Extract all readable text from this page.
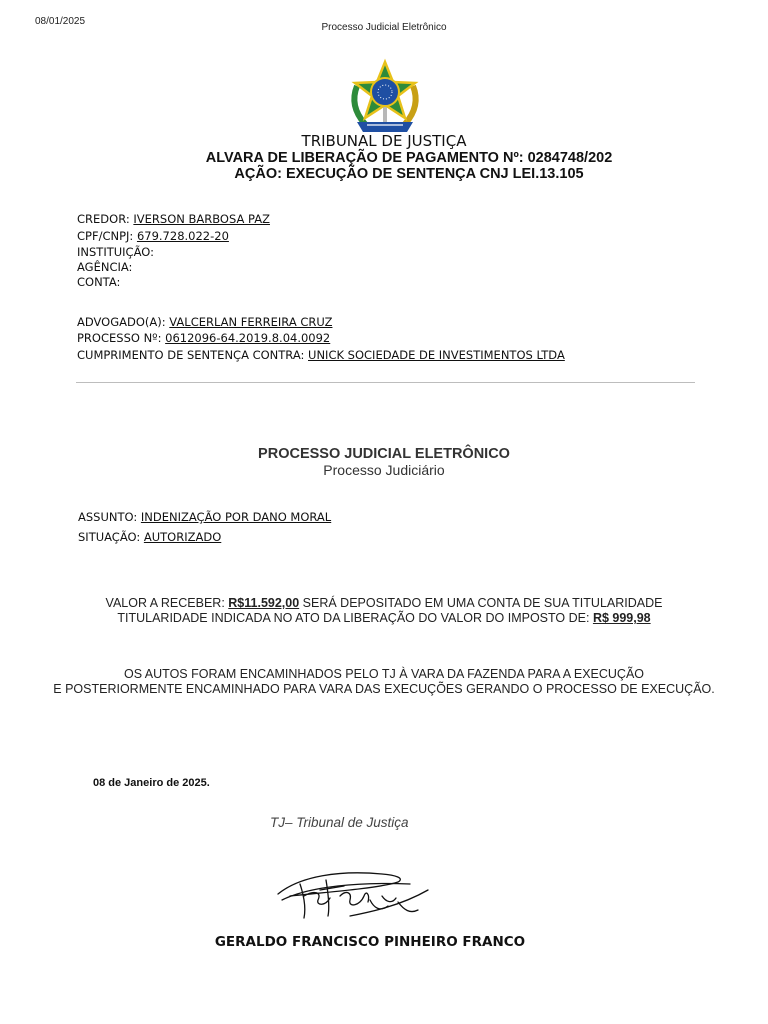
08/01/2025
Processo Judicial Eletrônico
TRIBUNAL DE JUSTIÇA
ALVARA DE LIBERAÇÃO DE PAGAMENTO Nº: 0284748/202
AÇÃO: EXECUÇÃO DE SENTENÇA CNJ LEI.13.105
CREDOR: IVERSON BARBOSA PAZ
CPF/CNPJ: 679.728.022-20
INSTITUIÇÃO:
AGÊNCIA:
CONTA:
ADVOGADO(A): VALCERLAN FERREIRA CRUZ
PROCESSO Nº: 0612096-64.2019.8.04.0092
CUMPRIMENTO DE SENTENÇA CONTRA: UNICK SOCIEDADE DE INVESTIMENTOS LTDA
PROCESSO JUDICIAL ELETRÔNICO
Processo Judiciário
ASSUNTO: INDENIZAÇÃO POR DANO MORAL
SITUAÇÃO: AUTORIZADO
VALOR A RECEBER: R$11.592,00 SERÁ DEPOSITADO EM UMA CONTA DE SUA TITULARIDADE
TITULARIDADE INDICADA NO ATO DA LIBERAÇÃO DO VALOR DO IMPOSTO DE: R$ 999,98
OS AUTOS FORAM ENCAMINHADOS PELO TJ À VARA DA FAZENDA PARA A EXECUÇÃO
E POSTERIORMENTE ENCAMINHADO PARA VARA DAS EXECUÇÕES GERANDO O PROCESSO DE EXECUÇÃO.
08 de Janeiro de 2025.
TJ– Tribunal de Justiça
GERALDO FRANCISCO PINHEIRO FRANCO
